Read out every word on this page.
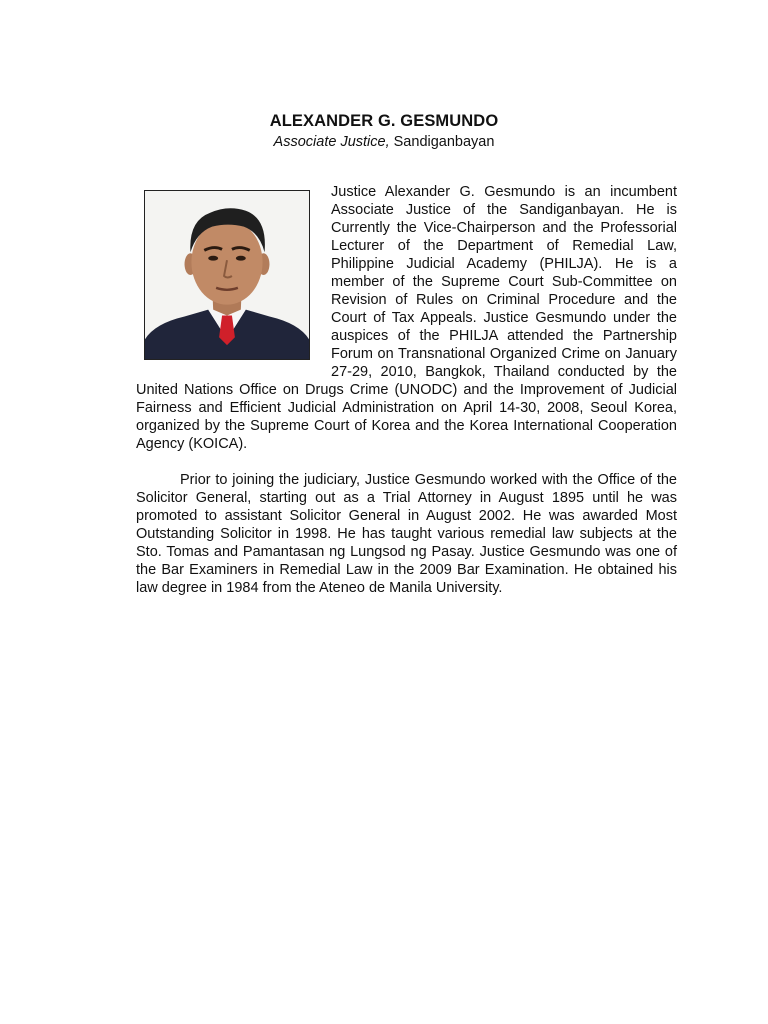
ALEXANDER G. GESMUNDO
Associate Justice, Sandiganbayan

Justice Alexander G. Gesmundo is an incumbent Associate Justice of the Sandiganbayan. He is Currently the Vice-Chairperson and the Professorial Lecturer of the Department of Remedial Law, Philippine Judicial Academy (PHILJA). He is a member of the Supreme Court Sub-Committee on Revision of Rules on Criminal Procedure and the Court of Tax Appeals. Justice Gesmundo under the auspices of the PHILJA attended the Partnership Forum on Transnational Organized Crime on January 27-29, 2010, Bangkok, Thailand conducted by the United Nations Office on Drugs Crime (UNODC) and the Improvement of Judicial Fairness and Efficient Judicial Administration on April 14-30, 2008, Seoul Korea, organized by the Supreme Court of Korea and the Korea International Cooperation Agency (KOICA).

Prior to joining the judiciary, Justice Gesmundo worked with the Office of the Solicitor General, starting out as a Trial Attorney in August 1895 until he was promoted to assistant Solicitor General in August 2002. He was awarded Most Outstanding Solicitor in 1998. He has taught various remedial law subjects at the Sto. Tomas and Pamantasan ng Lungsod ng Pasay. Justice Gesmundo was one of the Bar Examiners in Remedial Law in the 2009 Bar Examination. He obtained his law degree in 1984 from the Ateneo de Manila University.
